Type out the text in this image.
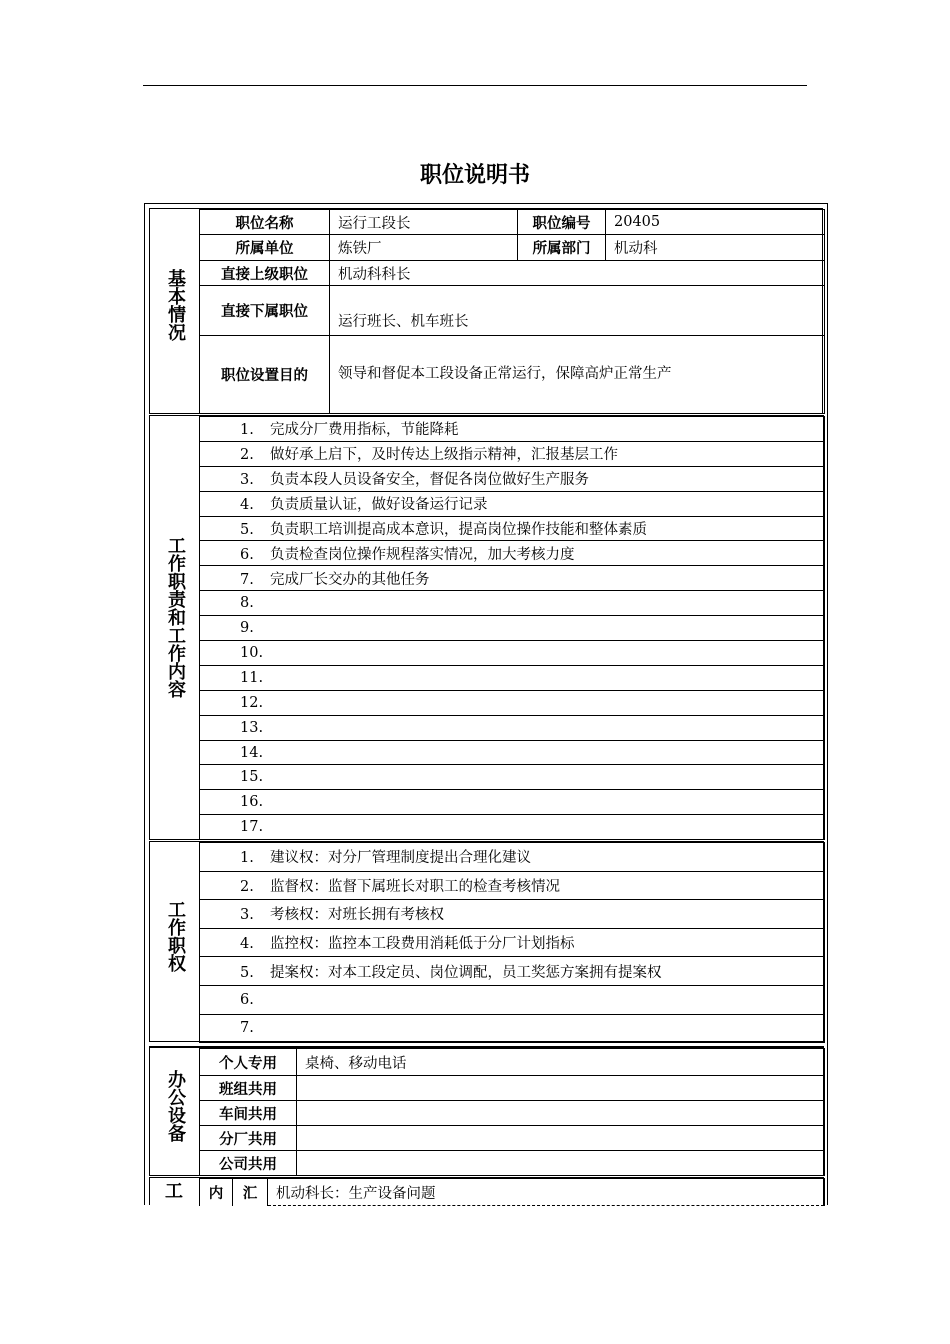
职位说明书
基本情况
职位名称	运行工段长	职位编号	20405
所属单位	炼铁厂	所属部门	机动科
直接上级职位	机动科科长		
直接下属职位	运行班长、机车班长		
职位设置目的	领导和督促本工段设备正常运行，保障高炉正常生产		
工作职责和工作内容
1. 完成分厂费用指标，节能降耗
2. 做好承上启下，及时传达上级指示精神，汇报基层工作
3. 负责本段人员设备安全，督促各岗位做好生产服务
4. 负责质量认证，做好设备运行记录
5. 负责职工培训提高成本意识，提高岗位操作技能和整体素质
6. 负责检查岗位操作规程落实情况，加大考核力度
7. 完成厂长交办的其他任务
8.
9.
10.
11.
12.
13.
14.
15.
16.
17.
工作职权
1. 建议权：对分厂管理制度提出合理化建议
2. 监督权：监督下属班长对职工的检查考核情况
3. 考核权：对班长拥有考核权
4. 监控权：监控本工段费用消耗低于分厂计划指标
5. 提案权：对本工段定员、岗位调配，员工奖惩方案拥有提案权
6.
7.
办公设备
个人专用	桌椅、移动电话
班组共用	
车间共用	
分厂共用	
公司共用	
工	内	汇	机动科长：生产设备问题
